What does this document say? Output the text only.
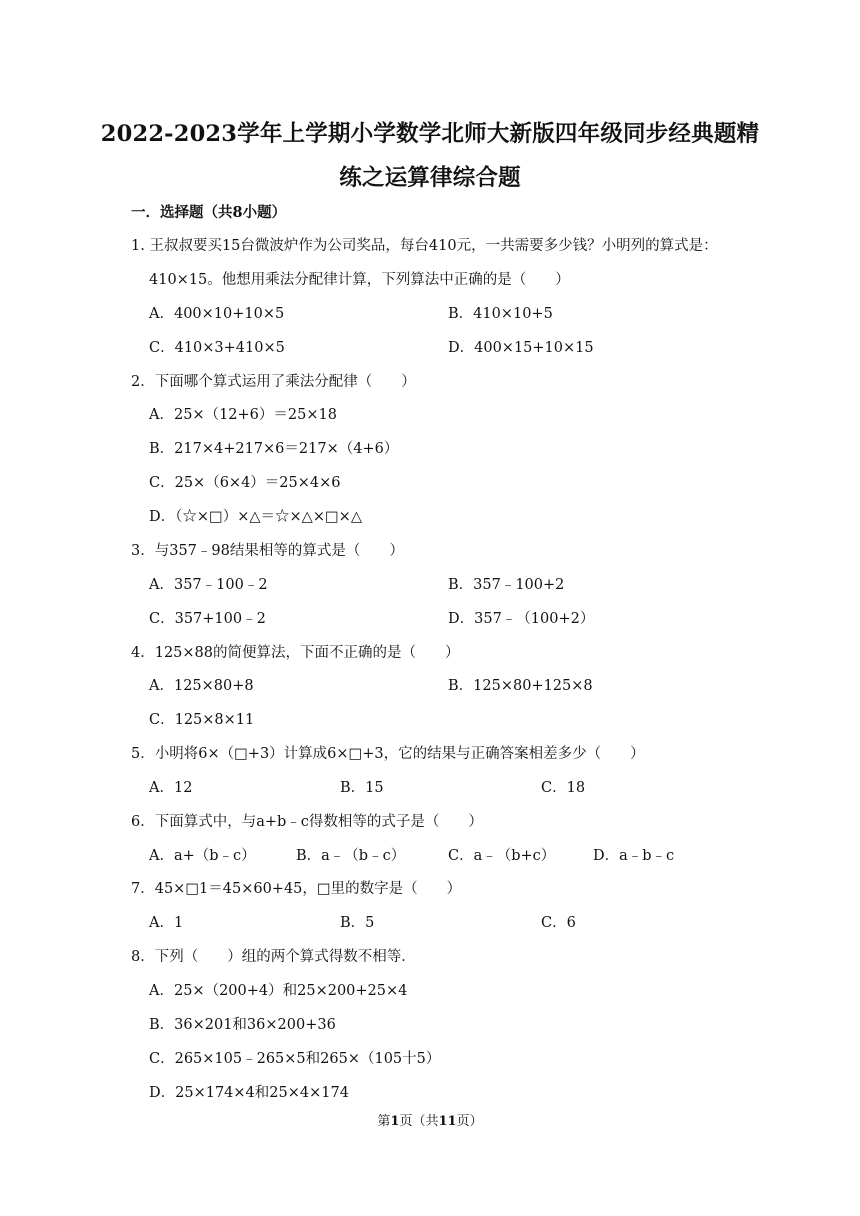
2022-2023学年上学期小学数学北师大新版四年级同步经典题精
练之运算律综合题
一．选择题（共8小题）
1. 王叔叔要买15台微波炉作为公司奖品，每台410元，一共需要多少钱？小明列的算式是：
410×15。他想用乘法分配律计算，下列算法中正确的是（　　）
A．400×10+10×5	B．410×10+5
C．410×3+410×5	D．400×15+10×15
2．下面哪个算式运用了乘法分配律（　　）
A．25×（12+6）＝25×18
B．217×4+217×6＝217×（4+6）
C．25×（6×4）＝25×4×6
D．（☆×□）×△＝☆×△×□×△
3．与357﹣98结果相等的算式是（　　）
A．357﹣100﹣2	B．357﹣100+2
C．357+100﹣2	D．357﹣（100+2）
4．125×88的简便算法，下面不正确的是（　　）
A．125×80+8	B．125×80+125×8
C．125×8×11
5．小明将6×（□+3）计算成6×□+3，它的结果与正确答案相差多少（　　）
A．12	B．15	C．18
6．下面算式中，与a+b﹣c得数相等的式子是（　　）
A．a+（b﹣c）	B．a﹣（b﹣c）	C．a﹣（b+c）	D．a﹣b﹣c
7．45×□1＝45×60+45，□里的数字是（　　）
A．1	B．5	C．6
8．下列（　　）组的两个算式得数不相等．
A．25×（200+4）和25×200+25×4
B．36×201和36×200+36
C．265×105﹣265×5和265×（105十5）
D．25×174×4和25×4×174
第1页（共11页）
